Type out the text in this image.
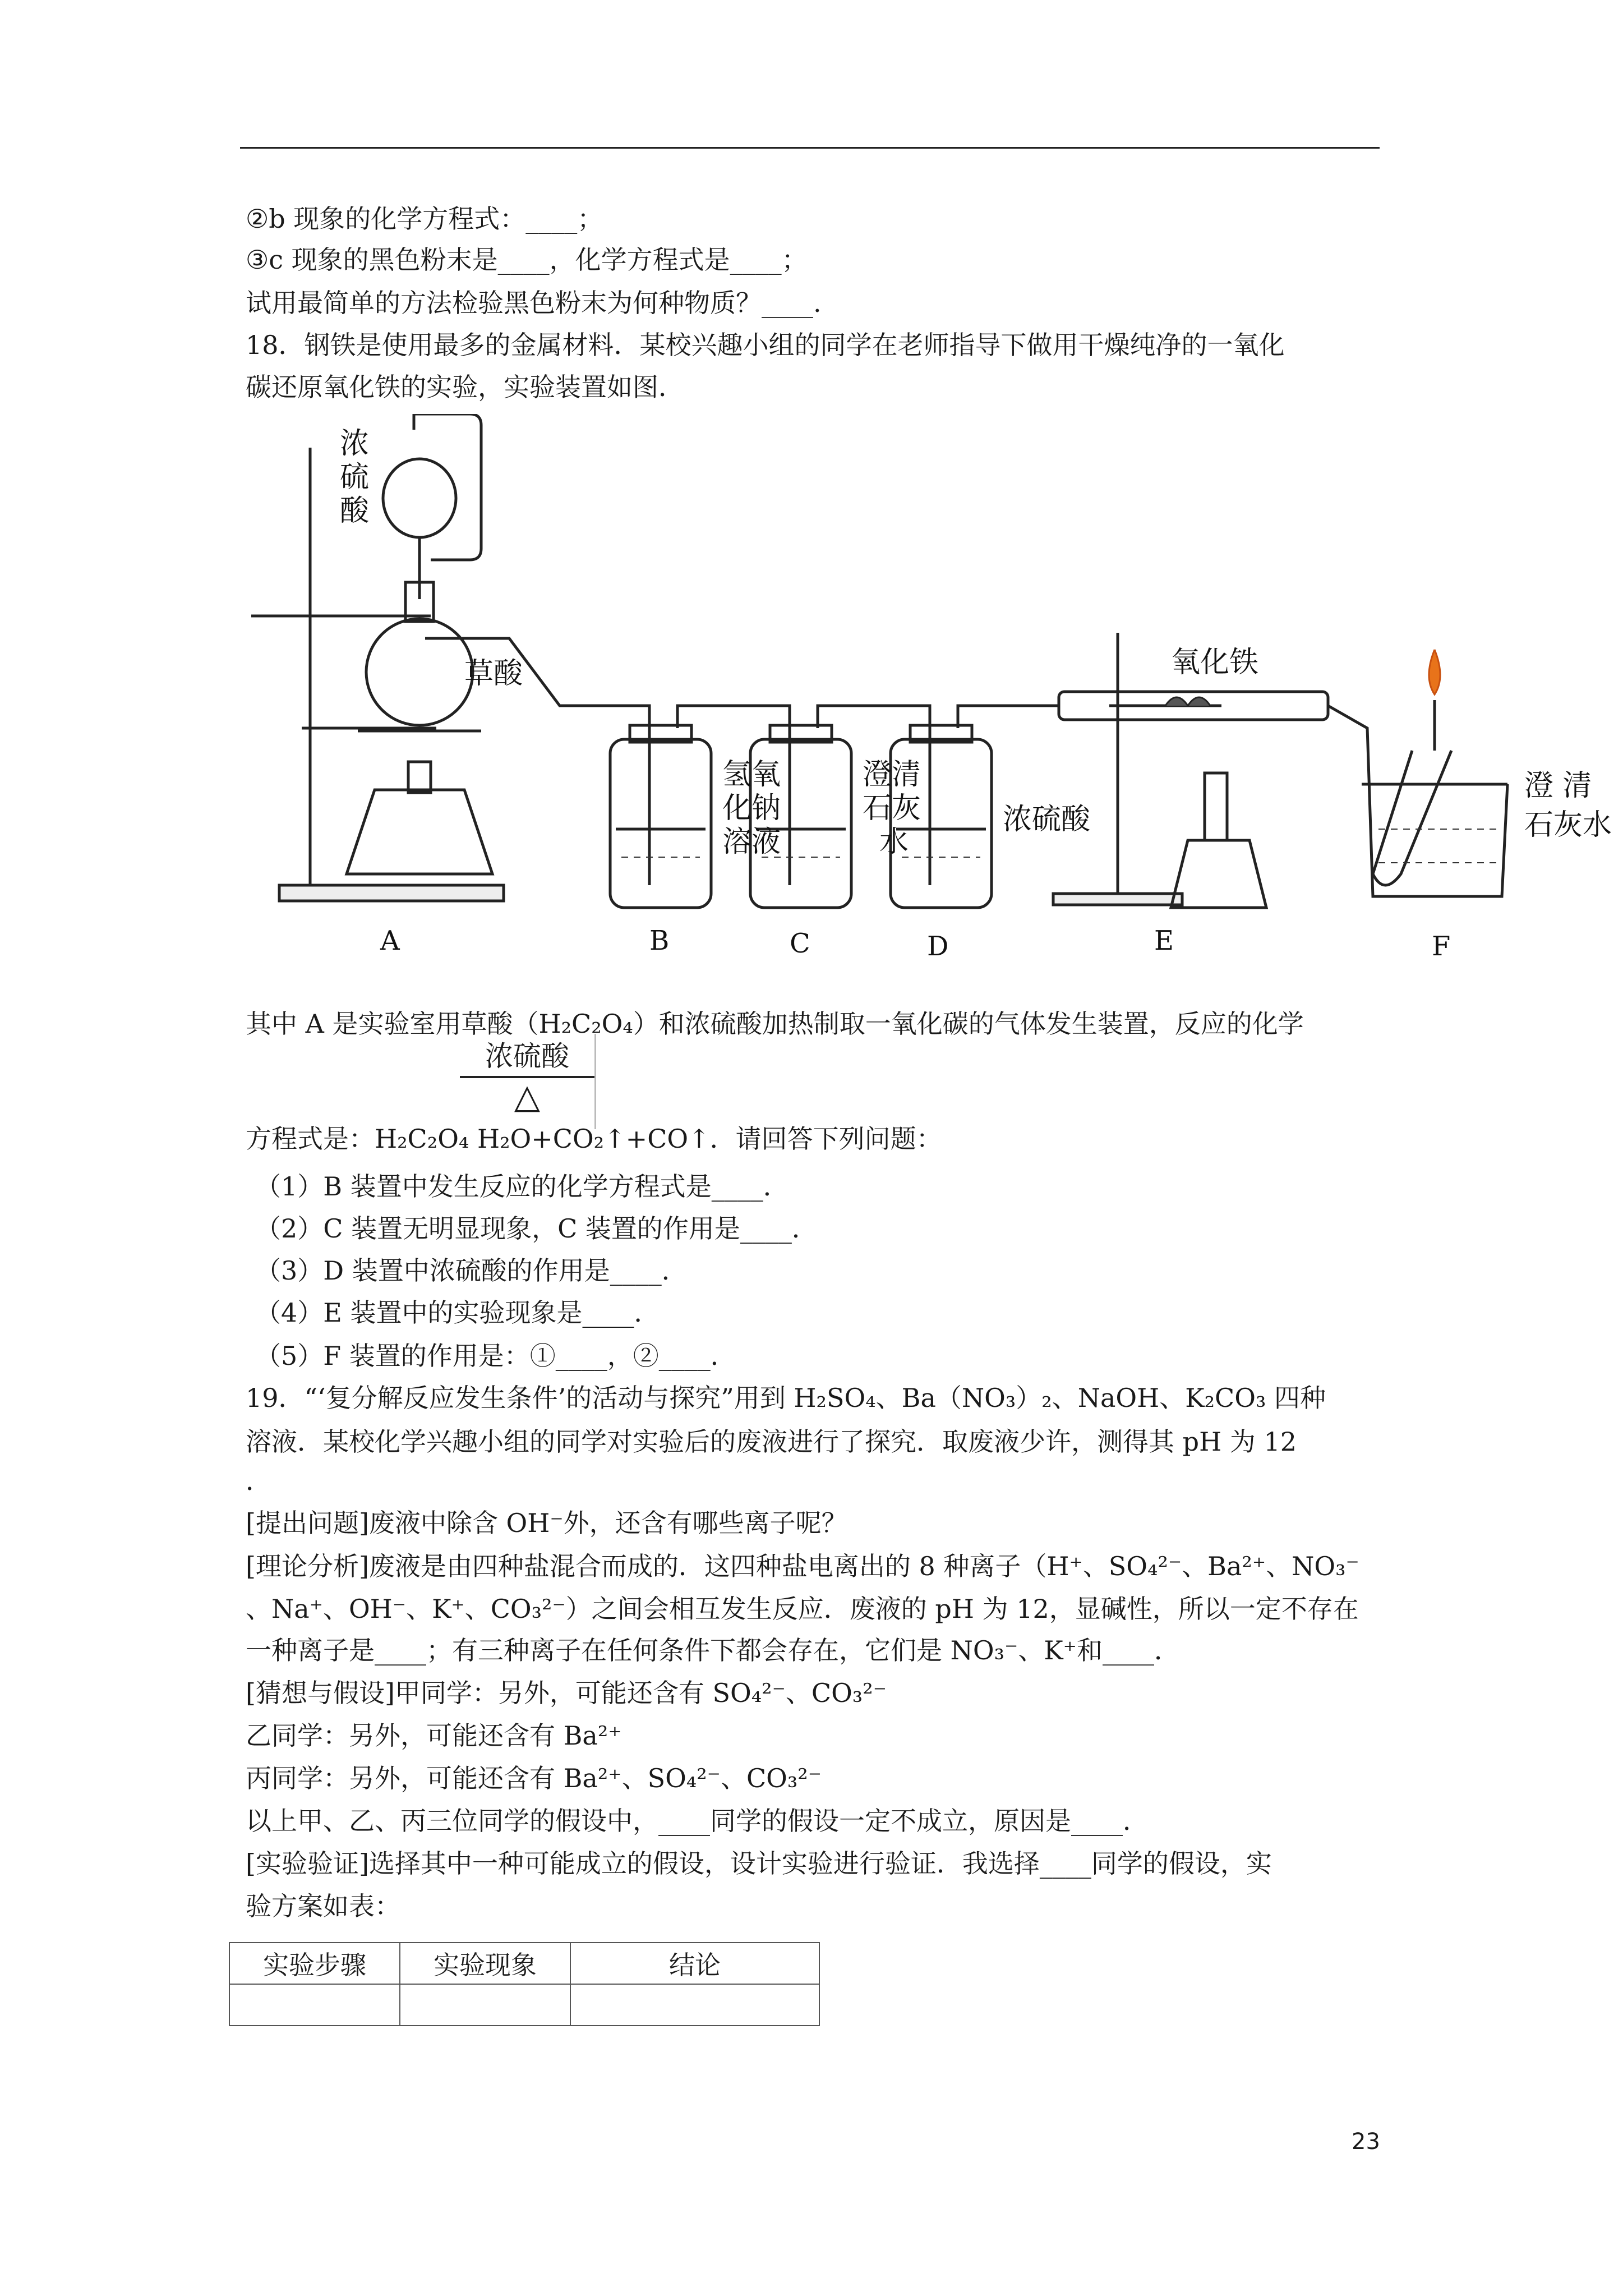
②b 现象的化学方程式：____；
③c 现象的黑色粉末是____，化学方程式是____；
试用最简单的方法检验黑色粉末为何种物质？____.
18．钢铁是使用最多的金属材料．某校兴趣小组的同学在老师指导下做用干燥纯净的一氧化
碳还原氧化铁的实验，实验装置如图．
浓
硫
酸
草酸
氢氧
化钠
溶液
澄清
石灰
水
浓硫酸
氧化铁
澄 清
石灰水
A	B	C	D	E	F
其中 A 是实验室用草酸（H₂C₂O₄）和浓硫酸加热制取一氧化碳的气体发生装置，反应的化学
浓硫酸
△
方程式是：H₂C₂O₄ H₂O+CO₂↑+CO↑．请回答下列问题：
（1）B 装置中发生反应的化学方程式是____．
（2）C 装置无明显现象，C 装置的作用是____．
（3）D 装置中浓硫酸的作用是____．
（4）E 装置中的实验现象是____．
（5）F 装置的作用是：①____，②____．
19．“‘复分解反应发生条件’的活动与探究”用到 H₂SO₄、Ba（NO₃）₂、NaOH、K₂CO₃ 四种
溶液．某校化学兴趣小组的同学对实验后的废液进行了探究．取废液少许，测得其 pH 为 12
．
[提出问题]废液中除含 OH⁻外，还含有哪些离子呢？
[理论分析]废液是由四种盐混合而成的．这四种盐电离出的 8 种离子（H⁺、SO₄²⁻、Ba²⁺、NO₃⁻
、Na⁺、OH⁻、K⁺、CO₃²⁻）之间会相互发生反应．废液的 pH 为 12，显碱性，所以一定不存在
一种离子是____；有三种离子在任何条件下都会存在，它们是 NO₃⁻、K⁺和____．
[猜想与假设]甲同学：另外，可能还含有 SO₄²⁻、CO₃²⁻
乙同学：另外，可能还含有 Ba²⁺
丙同学：另外，可能还含有 Ba²⁺、SO₄²⁻、CO₃²⁻
以上甲、乙、丙三位同学的假设中，____同学的假设一定不成立，原因是____．
[实验验证]选择其中一种可能成立的假设，设计实验进行验证．我选择____同学的假设，实
验方案如表：
实验步骤	实验现象	结论

23
